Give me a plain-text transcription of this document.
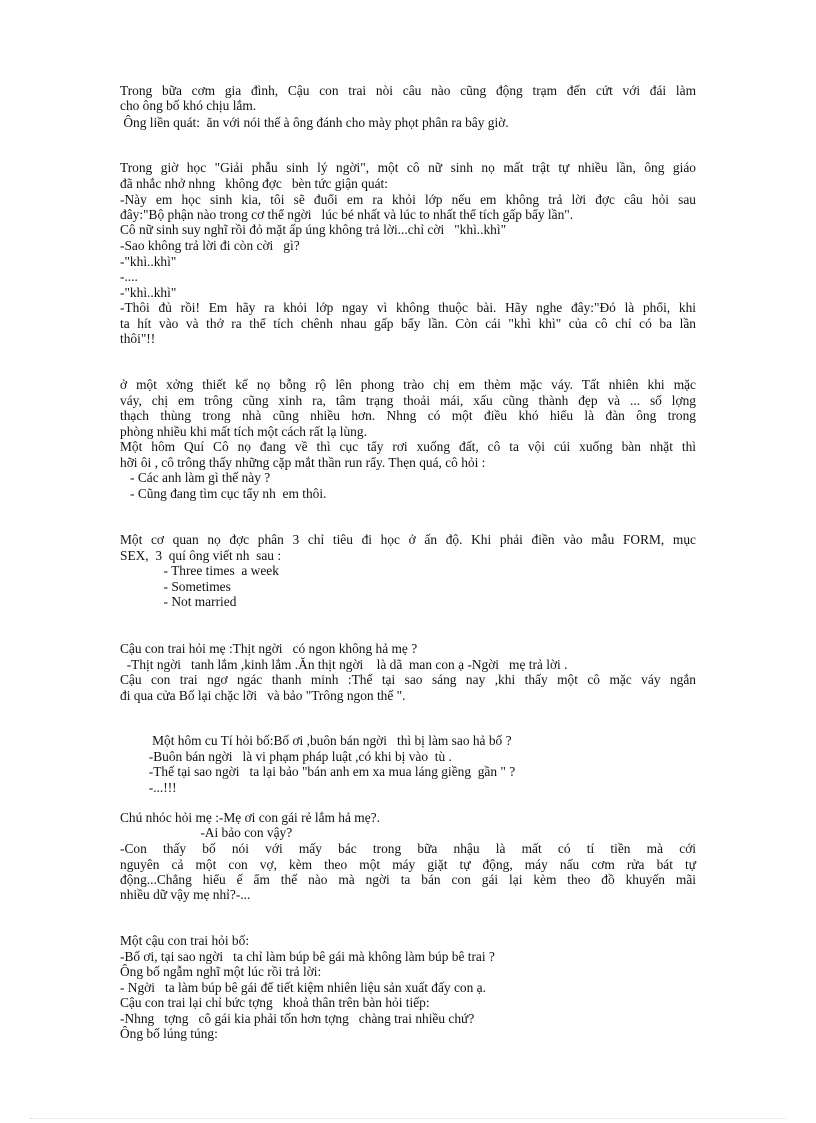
Trong bữa cơm gia đình, Cậu con trai nòi câu nào cũng động trạm đến cứt với đái làm

cho ông bố khó chịu lắm.

Ông liền quát:  ăn với nói thế à ông đánh cho mày phọt phân ra bây giờ.

Trong giờ học "Giải phẫu sinh lý ngời", một cô nữ sinh nọ mất trật tự nhiều lần, ông giáo

đã nhắc nhở nhng   không đợc   bèn tức giận quát:

-Này em học sinh kia, tôi sẽ đuổi em ra khỏi lớp nếu em không trả lời đợc câu hỏi sau

đây:"Bộ phận nào trong cơ thể ngời   lúc bé nhất và lúc to nhất thể tích gấp bẩy lần".

Cô nữ sinh suy nghĩ rồi đỏ mặt ấp úng không trả lời...chỉ cời   "khì..khì"

-Sao không trả lời đi còn cời   gì?

-"khì..khì"

-....

-"khì..khì"

-Thôi đủ rồi! Em hãy ra khỏi lớp ngay vì không thuộc bài. Hãy nghe đây:"Đó là phổi, khi

ta hít vào và thở ra thể tích chênh nhau gấp bẩy lần. Còn cái "khì khì" của cô chỉ có ba lần

thôi"!!

ở một xởng thiết kế nọ bỗng rộ lên phong trào chị em thèm mặc váy. Tất nhiên khi mặc

váy, chị em trông cũng xinh ra, tâm trạng thoải mái, xấu cũng thành đẹp và ... số lợng

thạch thùng trong nhà cũng nhiều hơn. Nhng có một điều khó hiểu là đàn ông trong

phòng nhiều khi mất tích một cách rất lạ lùng.

Một hôm Quí Cô nọ đang về thì cục tẩy rơi xuống đất, cô ta vội cúi xuống bàn nhặt thì

hỡi ôi , cô trông thấy những cặp mắt thần run rẩy. Thẹn quá, cô hỏi :

- Các anh làm gì thế này ?

- Cũng đang tìm cục tẩy nh  em thôi.

Một cơ quan nọ đợc phân 3 chỉ tiêu đi học ở ấn độ. Khi phải điền vào mẫu FORM, mục

SEX,  3  quí ông viết nh  sau :

- Three times  a week

- Sometimes

- Not married

Cậu con trai hỏi mẹ :Thịt ngời   có ngon không hả mẹ ?

-Thịt ngời   tanh lắm ,kinh lắm .Ăn thịt ngời    là dã  man con ạ -Ngời   mẹ trả lời .

Cậu con trai ngơ ngác thanh minh :Thế tại sao sáng nay ,khi thấy một cô mặc váy ngắn

đi qua cửa Bố lại chặc lỡi   và bảo "Trông ngon thế ".

Một hôm cu Tí hỏi bố:Bố ơi ,buôn bán ngời   thì bị làm sao hả bố ?

-Buôn bán ngời   là vi phạm pháp luật ,có khi bị vào  tù .

-Thế tại sao ngời   ta lại bảo "bán anh em xa mua láng giềng  gần " ?

-...!!!

Chú nhóc hỏi mẹ :-Mẹ ơi con gái rẻ lắm hả mẹ?.

-Ai bảo con vậy?

-Con thấy bố nói với mấy bác trong bữa nhậu là mất có tí tiền mà cới

nguyên cả một con vợ, kèm theo một máy giặt tự động, máy nấu cơm rửa bát tự

động...Chẳng hiểu ế ẩm thế nào mà ngời ta bán con gái lại kèm theo đồ khuyến mãi

nhiều dữ vậy mẹ nhỉ?-...

Một cậu con trai hỏi bố:

-Bố ơi, tại sao ngời   ta chỉ làm búp bê gái mà không làm búp bê trai ?

Ông bố ngẫm nghĩ một lúc rồi trả lời:

- Ngời   ta làm búp bê gái để tiết kiệm nhiên liệu sản xuất đấy con ạ.

Cậu con trai lại chỉ bức tợng   khoả thân trên bàn hỏi tiếp:

-Nhng   tợng   cô gái kia phải tốn hơn tợng   chàng trai nhiều chứ?

Ông bố lúng túng:
